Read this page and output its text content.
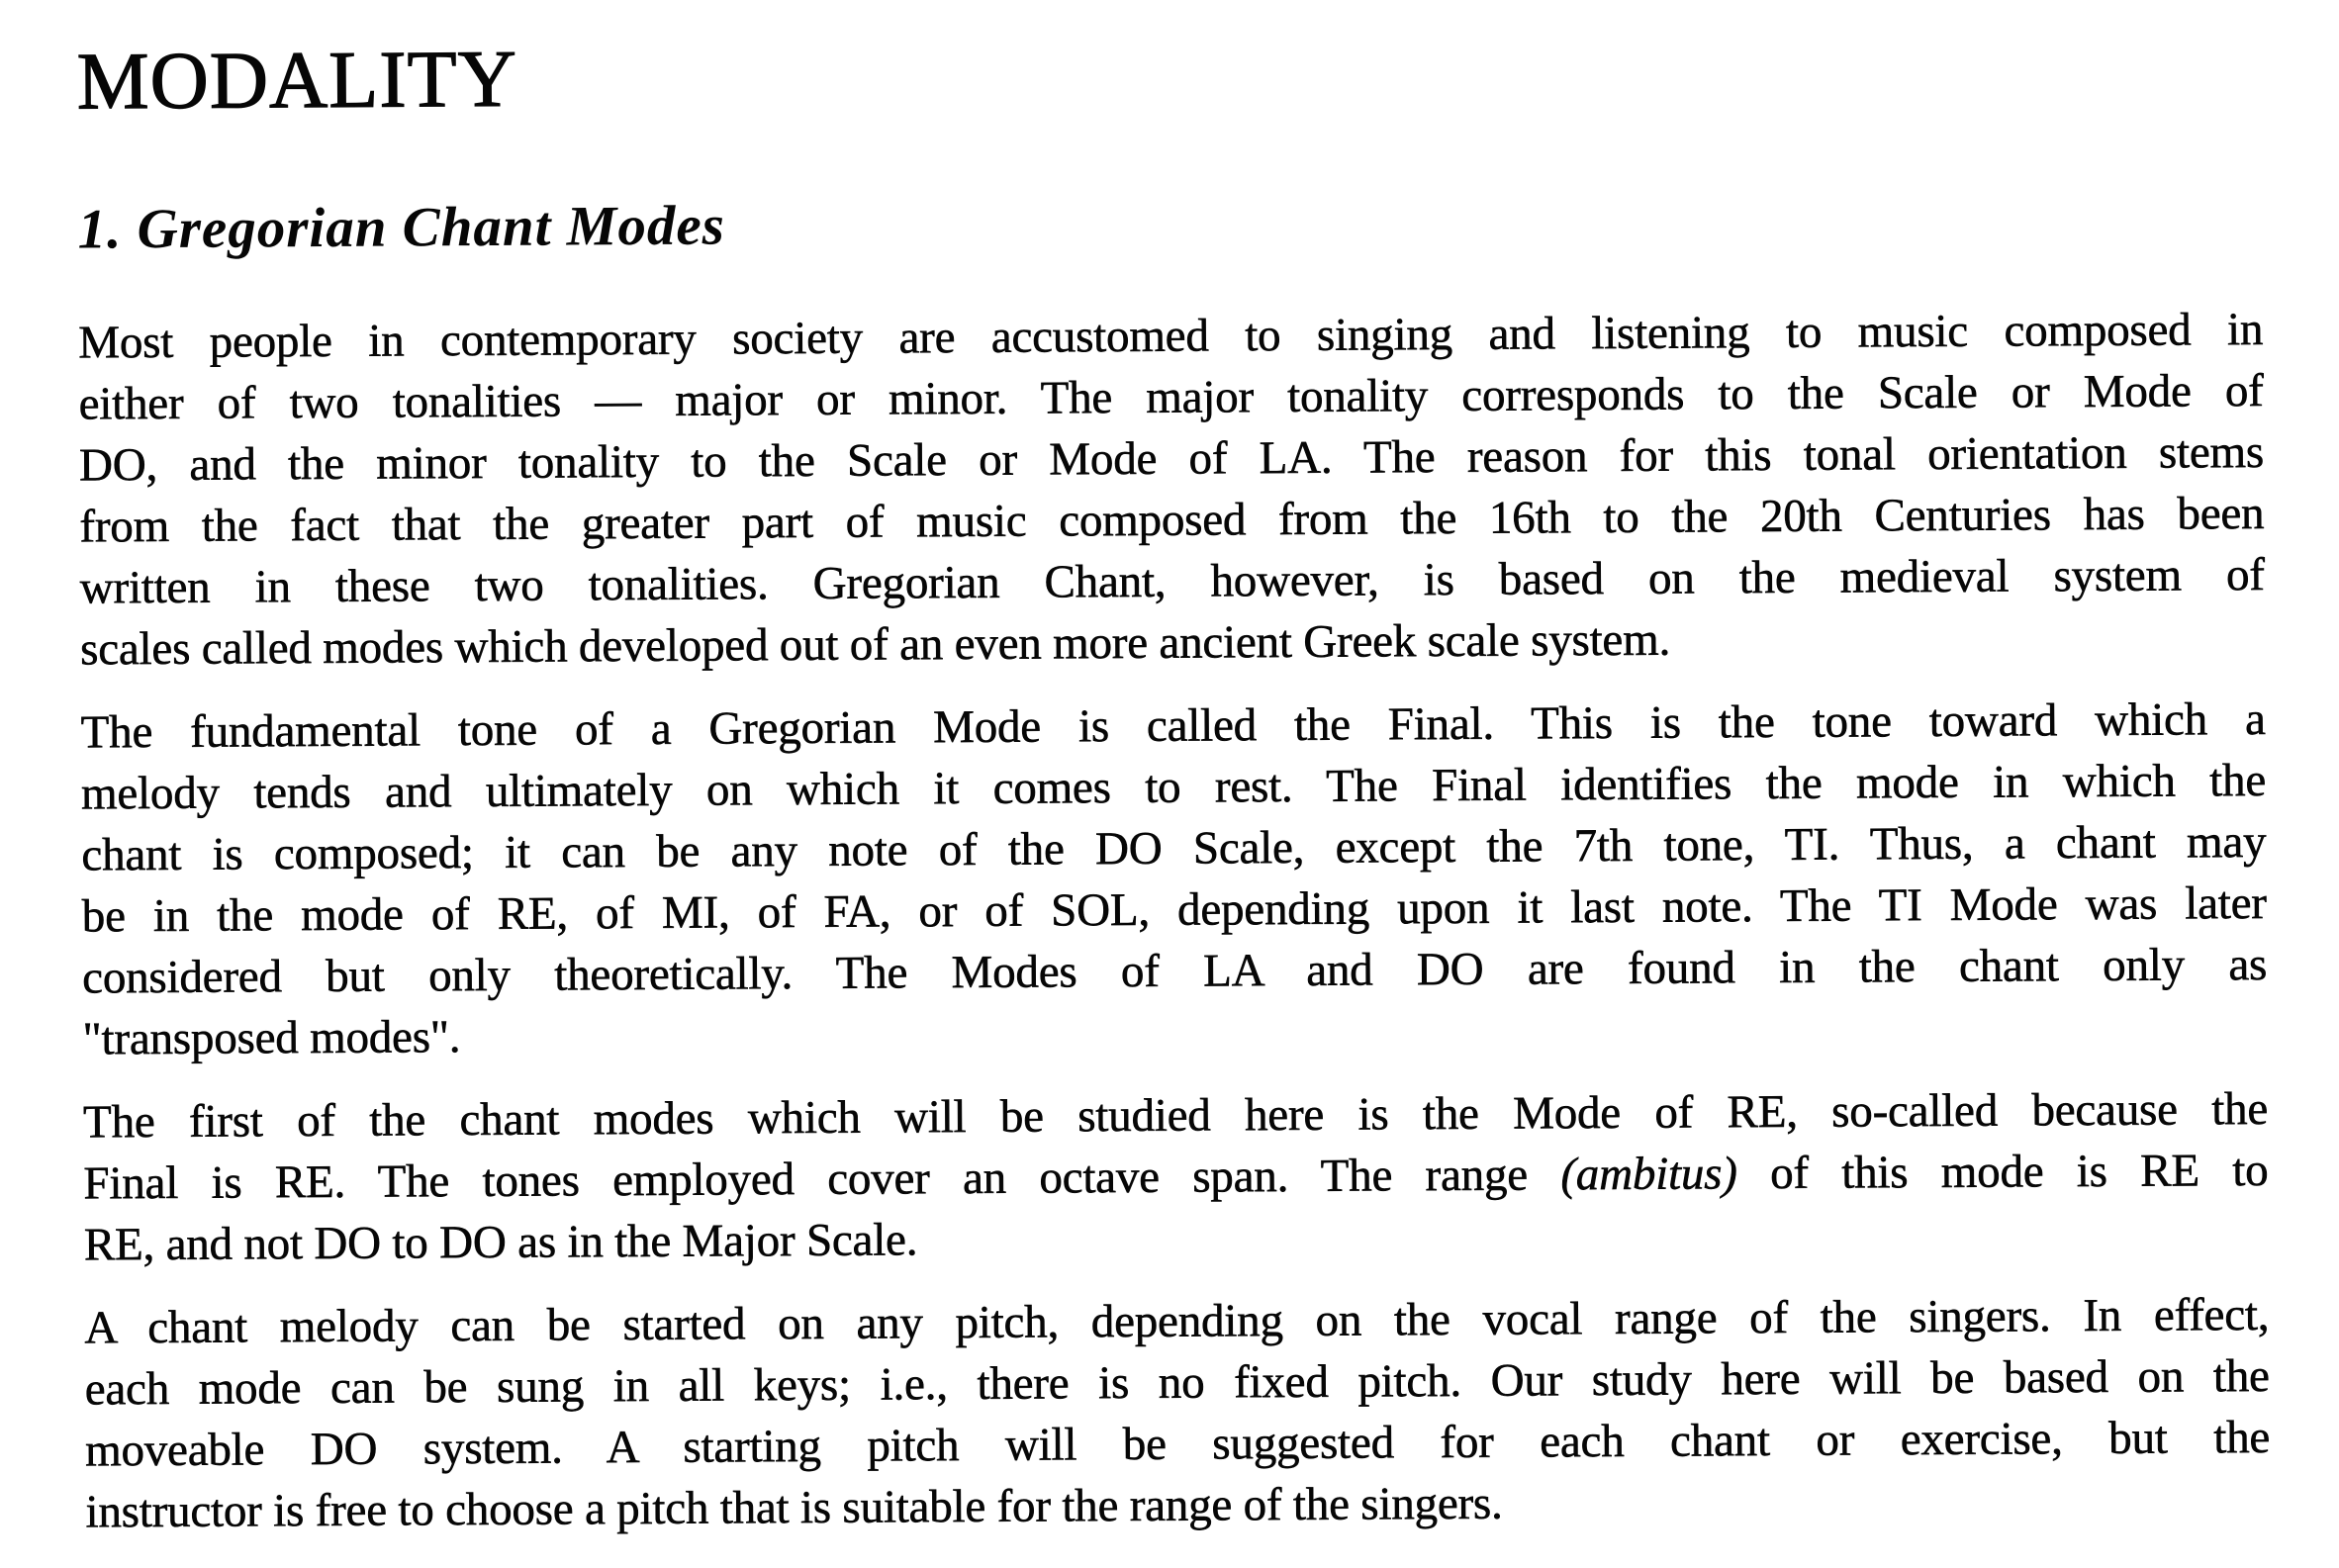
MODALITY
1. Gregorian Chant Modes
Most people in contemporary society are accustomed to singing and listening to music composed in
either of two tonalities — major or minor. The major tonality corresponds to the Scale or Mode of
DO, and the minor tonality to the Scale or Mode of LA. The reason for this tonal orientation stems
from the fact that the greater part of music composed from the 16th to the 20th Centuries has been
written in these two tonalities. Gregorian Chant, however, is based on the medieval system of
scales called modes which developed out of an even more ancient Greek scale system.
The fundamental tone of a Gregorian Mode is called the Final. This is the tone toward which a
melody tends and ultimately on which it comes to rest. The Final identifies the mode in which the
chant is composed; it can be any note of the DO Scale, except the 7th tone, TI. Thus, a chant may
be in the mode of RE, of MI, of FA, or of SOL, depending upon it last note. The TI Mode was later
considered but only theoretically. The Modes of LA and DO are found in the chant only as
"transposed modes".
The first of the chant modes which will be studied here is the Mode of RE, so-called because the
Final is RE. The tones employed cover an octave span. The range (ambitus) of this mode is RE to
RE, and not DO to DO as in the Major Scale.
A chant melody can be started on any pitch, depending on the vocal range of the singers. In effect,
each mode can be sung in all keys; i.e., there is no fixed pitch. Our study here will be based on the
moveable DO system. A starting pitch will be suggested for each chant or exercise, but the
instructor is free to choose a pitch that is suitable for the range of the singers.
